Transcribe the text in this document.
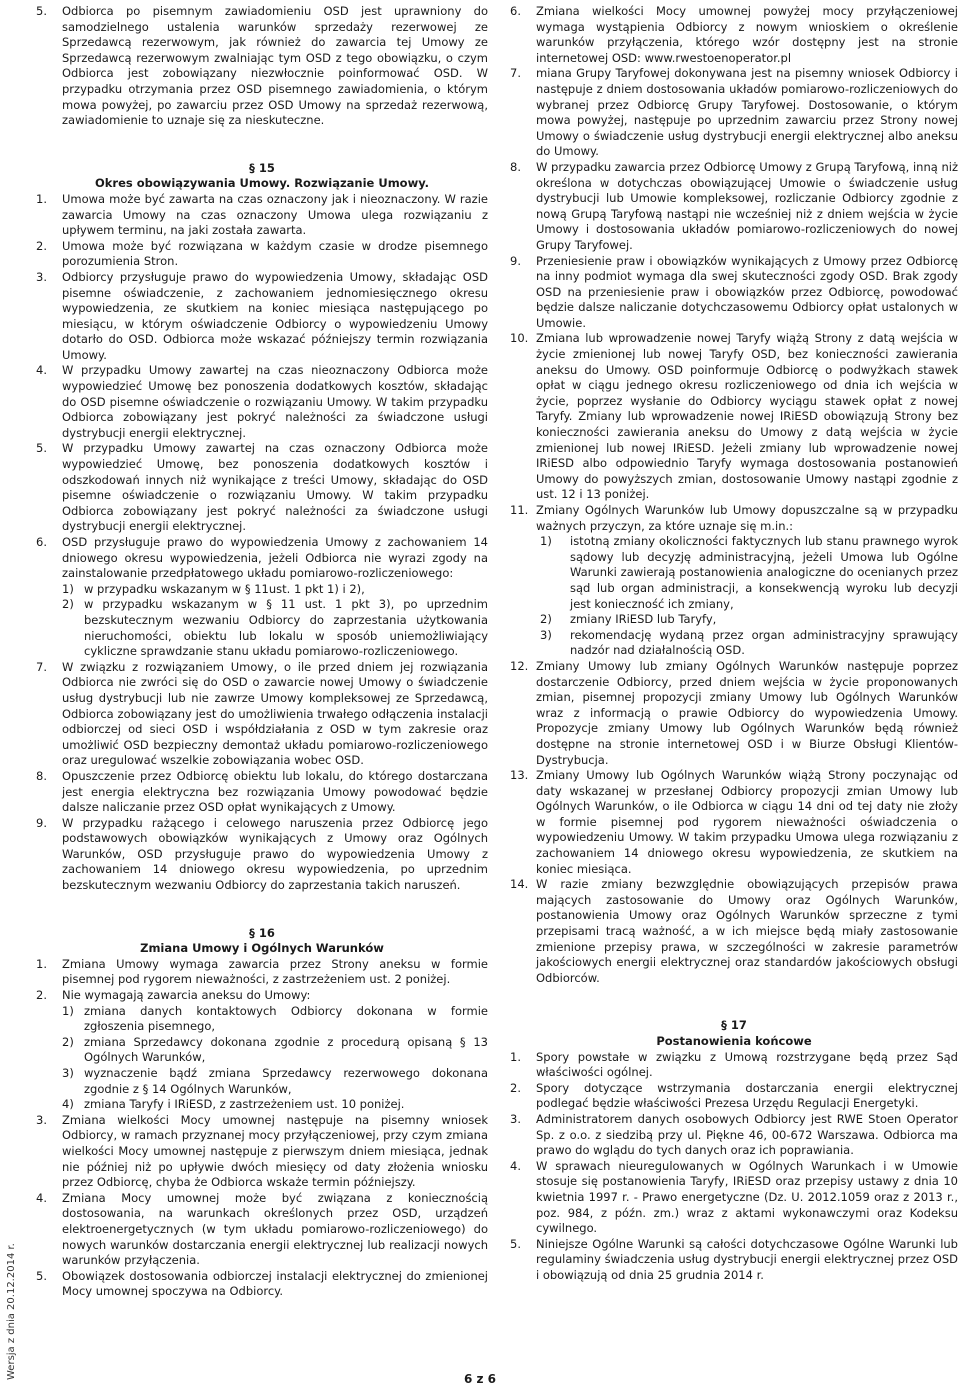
Wersja z dnia 20.12.2014 r.
5. Odbiorca po pisemnym zawiadomieniu OSD jest uprawniony do samodzielnego ustalenia warunków sprzedaży rezerwowej ze Sprzedawcą rezerwowym, jak również do zawarcia tej Umowy ze Sprzedawcą rezerwowym zwalniając tym OSD z tego obowiązku, o czym Odbiorca jest zobowiązany niezwłocznie poinformować OSD. W przypadku otrzymania przez OSD pisemnego zawiadomienia, o którym mowa powyżej, po zawarciu przez OSD Umowy na sprzedaż rezerwową, zawiadomienie to uznaje się za nieskuteczne.
§ 15
Okres obowiązywania Umowy. Rozwiązanie Umowy.
1. Umowa może być zawarta na czas oznaczony jak i nieoznaczony. W razie zawarcia Umowy na czas oznaczony Umowa ulega rozwiązaniu z upływem terminu, na jaki została zawarta.
2. Umowa może być rozwiązana w każdym czasie w drodze pisemnego porozumienia Stron.
3. Odbiorcy przysługuje prawo do wypowiedzenia Umowy, składając OSD pisemne oświadczenie, z zachowaniem jednomiesięcznego okresu wypowiedzenia, ze skutkiem na koniec miesiąca następującego po miesiącu, w którym oświadczenie Odbiorcy o wypowiedzeniu Umowy dotarło do OSD. Odbiorca może wskazać późniejszy termin rozwiązania Umowy.
4. W przypadku Umowy zawartej na czas nieoznaczony Odbiorca może wypowiedzieć Umowę bez ponoszenia dodatkowych kosztów, składając do OSD pisemne oświadczenie o rozwiązaniu Umowy. W takim przypadku Odbiorca zobowiązany jest pokryć należności za świadczone usługi dystrybucji energii elektrycznej.
5. W przypadku Umowy zawartej na czas oznaczony Odbiorca może wypowiedzieć Umowę, bez ponoszenia dodatkowych kosztów i odszkodowań innych niż wynikające z treści Umowy, składając do OSD pisemne oświadczenie o rozwiązaniu Umowy. W takim przypadku Odbiorca zobowiązany jest pokryć należności za świadczone usługi dystrybucji energii elektrycznej.
6. OSD przysługuje prawo do wypowiedzenia Umowy z zachowaniem 14 dniowego okresu wypowiedzenia, jeżeli Odbiorca nie wyrazi zgody na zainstalowanie przedpłatowego układu pomiarowo-rozliczeniowego:
1) w przypadku wskazanym w § 11ust. 1 pkt 1) i 2),
2) w przypadku wskazanym w § 11 ust. 1 pkt 3), po uprzednim bezskutecznym wezwaniu Odbiorcy do zaprzestania użytkowania nieruchomości, obiektu lub lokalu w sposób uniemożliwiający cykliczne sprawdzanie stanu układu pomiarowo-rozliczeniowego.
7. W związku z rozwiązaniem Umowy, o ile przed dniem jej rozwiązania Odbiorca nie zwróci się do OSD o zawarcie nowej Umowy o świadczenie usług dystrybucji lub nie zawrze Umowy kompleksowej ze Sprzedawcą, Odbiorca zobowiązany jest do umożliwienia trwałego odłączenia instalacji odbiorczej od sieci OSD i współdziałania z OSD w tym zakresie oraz umożliwić OSD bezpieczny demontaż układu pomiarowo-rozliczeniowego oraz uregulować wszelkie zobowiązania wobec OSD.
8. Opuszczenie przez Odbiorcę obiektu lub lokalu, do którego dostarczana jest energia elektryczna bez rozwiązania Umowy powodować będzie dalsze naliczanie przez OSD opłat wynikających z Umowy.
9. W przypadku rażącego i celowego naruszenia przez Odbiorcę jego podstawowych obowiązków wynikających z Umowy oraz Ogólnych Warunków, OSD przysługuje prawo do wypowiedzenia Umowy z zachowaniem 14 dniowego okresu wypowiedzenia, po uprzednim bezskutecznym wezwaniu Odbiorcy do zaprzestania takich naruszeń.
§ 16
Zmiana Umowy i Ogólnych Warunków
1. Zmiana Umowy wymaga zawarcia przez Strony aneksu w formie pisemnej pod rygorem nieważności, z zastrzeżeniem ust. 2 poniżej.
2. Nie wymagają zawarcia aneksu do Umowy:
1) zmiana danych kontaktowych Odbiorcy dokonana w formie zgłoszenia pisemnego,
2) zmiana Sprzedawcy dokonana zgodnie z procedurą opisaną § 13 Ogólnych Warunków,
3) wyznaczenie bądź zmiana Sprzedawcy rezerwowego dokonana zgodnie z § 14 Ogólnych Warunków,
4) zmiana Taryfy i IRiESD, z zastrzeżeniem ust. 10 poniżej.
3. Zmiana wielkości Mocy umownej następuje na pisemny wniosek Odbiorcy, w ramach przyznanej mocy przyłączeniowej, przy czym zmiana wielkości Mocy umownej następuje z pierwszym dniem miesiąca, jednak nie później niż po upływie dwóch miesięcy od daty złożenia wniosku przez Odbiorcę, chyba że Odbiorca wskaże termin późniejszy.
4. Zmiana Mocy umownej może być związana z koniecznością dostosowania, na warunkach określonych przez OSD, urządzeń elektroenergetycznych (w tym układu pomiarowo-rozliczeniowego) do nowych warunków dostarczania energii elektrycznej lub realizacji nowych warunków przyłączenia.
5. Obowiązek dostosowania odbiorczej instalacji elektrycznej do zmienionej Mocy umownej spoczywa na Odbiorcy.
6. Zmiana wielkości Mocy umownej powyżej mocy przyłączeniowej wymaga wystąpienia Odbiorcy z nowym wnioskiem o określenie warunków przyłączenia, którego wzór dostępny jest na stronie internetowej OSD: www.rwestoenoperator.pl
7. miana Grupy Taryfowej dokonywana jest na pisemny wniosek Odbiorcy i następuje z dniem dostosowania układów pomiarowo-rozliczeniowych do wybranej przez Odbiorcę Grupy Taryfowej. Dostosowanie, o którym mowa powyżej, następuje po uprzednim zawarciu przez Strony nowej Umowy o świadczenie usług dystrybucji energii elektrycznej albo aneksu do Umowy.
8. W przypadku zawarcia przez Odbiorcę Umowy z Grupą Taryfową, inną niż określona w dotychczas obowiązującej Umowie o świadczenie usług dystrybucji lub Umowie kompleksowej, rozliczanie Odbiorcy zgodnie z nową Grupą Taryfową nastąpi nie wcześniej niż z dniem wejścia w życie Umowy i dostosowania układów pomiarowo-rozliczeniowych do nowej Grupy Taryfowej.
9. Przeniesienie praw i obowiązków wynikających z Umowy przez Odbiorcę na inny podmiot wymaga dla swej skuteczności zgody OSD. Brak zgody OSD na przeniesienie praw i obowiązków przez Odbiorcę, powodować będzie dalsze naliczanie dotychczasowemu Odbiorcy opłat ustalonych w Umowie.
10. Zmiana lub wprowadzenie nowej Taryfy wiążą Strony z datą wejścia w życie zmienionej lub nowej Taryfy OSD, bez konieczności zawierania aneksu do Umowy. OSD poinformuje Odbiorcę o podwyżkach stawek opłat w ciągu jednego okresu rozliczeniowego od dnia ich wejścia w życie, poprzez wysłanie do Odbiorcy wyciągu stawek opłat z nowej Taryfy. Zmiany lub wprowadzenie nowej IRiESD obowiązują Strony bez konieczności zawierania aneksu do Umowy z datą wejścia w życie zmienionej lub nowej IRiESD. Jeżeli zmiany lub wprowadzenie nowej IRiESD albo odpowiednio Taryfy wymaga dostosowania postanowień Umowy do powyższych zmian, dostosowanie Umowy nastąpi zgodnie z ust. 12 i 13 poniżej.
11. Zmiany Ogólnych Warunków lub Umowy dopuszczalne są w przypadku ważnych przyczyn, za które uznaje się m.in.:
1) istotną zmiany okoliczności faktycznych lub stanu prawnego wyrok sądowy lub decyzję administracyjną, jeżeli Umowa lub Ogólne Warunki zawierają postanowienia analogiczne do ocenianych przez sąd lub organ administracji, a konsekwencją wyroku lub decyzji jest konieczność ich zmiany,
2) zmiany IRiESD lub Taryfy,
3) rekomendację wydaną przez organ administracyjny sprawujący nadzór nad działalnością OSD.
12. Zmiany Umowy lub zmiany Ogólnych Warunków następuje poprzez dostarczenie Odbiorcy, przed dniem wejścia w życie proponowanych zmian, pisemnej propozycji zmiany Umowy lub Ogólnych Warunków wraz z informacją o prawie Odbiorcy do wypowiedzenia Umowy. Propozycje zmiany Umowy lub Ogólnych Warunków będą również dostępne na stronie internetowej OSD i w Biurze Obsługi Klientów-Dystrybucja.
13. Zmiany Umowy lub Ogólnych Warunków wiążą Strony poczynając od daty wskazanej w przesłanej Odbiorcy propozycji zmian Umowy lub Ogólnych Warunków, o ile Odbiorca w ciągu 14 dni od tej daty nie złoży w formie pisemnej pod rygorem nieważności oświadczenia o wypowiedzeniu Umowy. W takim przypadku Umowa ulega rozwiązaniu z zachowaniem 14 dniowego okresu wypowiedzenia, ze skutkiem na koniec miesiąca.
14. W razie zmiany bezwzględnie obowiązujących przepisów prawa mających zastosowanie do Umowy oraz Ogólnych Warunków, postanowienia Umowy oraz Ogólnych Warunków sprzeczne z tymi przepisami tracą ważność, a w ich miejsce będą miały zastosowanie zmienione przepisy prawa, w szczególności w zakresie parametrów jakościowych energii elektrycznej oraz standardów jakościowych obsługi Odbiorców.
§ 17
Postanowienia końcowe
1. Spory powstałe w związku z Umową rozstrzygane będą przez Sąd właściwości ogólnej.
2. Spory dotyczące wstrzymania dostarczania energii elektrycznej podlegać będzie właściwości Prezesa Urzędu Regulacji Energetyki.
3. Administratorem danych osobowych Odbiorcy jest RWE Stoen Operator Sp. z o.o. z siedzibą przy ul. Piękne 46, 00-672 Warszawa. Odbiorca ma prawo do wglądu do tych danych oraz ich poprawiania.
4. W sprawach nieuregulowanych w Ogólnych Warunkach i w Umowie stosuje się postanowienia Taryfy, IRiESD oraz przepisy ustawy z dnia 10 kwietnia 1997 r. - Prawo energetyczne (Dz. U. 2012.1059 oraz z 2013 r., poz. 984, z późn. zm.) wraz z aktami wykonawczymi oraz Kodeksu cywilnego.
5. Niniejsze Ogólne Warunki są całości dotychczasowe Ogólne Warunki lub regulaminy świadczenia usług dystrybucji energii elektrycznej przez OSD i obowiązują od dnia 25 grudnia 2014 r.
6 z 6
